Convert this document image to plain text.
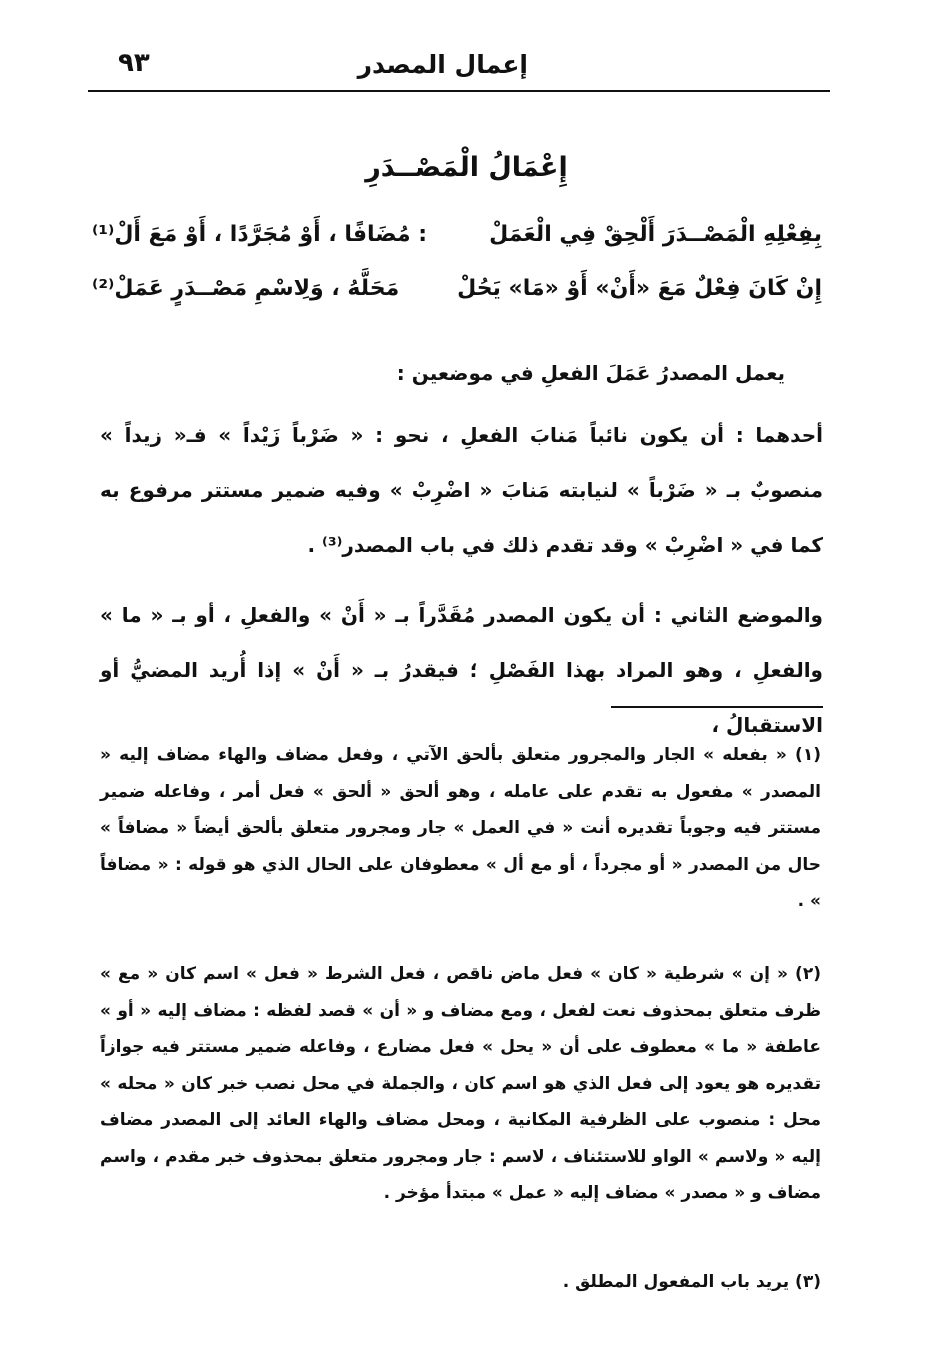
إعمال المصدر
٩٣
إِعْمَالُ الْمَصْــدَرِ
بِفِعْلِهِ الْمَصْــدَرَ أَلْحِقْ فِي الْعَمَلْ
: مُضَافًا ، أَوْ مُجَرَّدًا ، أَوْ مَعَ أَلْ⁽¹⁾
إِنْ كَانَ فِعْلٌ مَعَ «أَنْ» أَوْ «مَا» يَحُلْ
مَحَلَّهُ ، وَلِاسْمِ مَصْــدَرٍ عَمَلْ⁽²⁾
يعمل المصدرُ عَمَلَ الفعلِ في موضعين :
أحدهما : أن يكون نائباً مَنابَ الفعلِ ، نحو : « ضَرْباً زَيْداً » فـ« زيداً » منصوبٌ بـ « ضَرْباً » لنيابته مَنابَ « اضْرِبْ » وفيه ضمير مستتر مرفوع به كما في « اضْرِبْ » وقد تقدم ذلك في باب المصدر⁽³⁾ .
والموضع الثاني : أن يكون المصدر مُقَدَّراً بـ « أَنْ » والفعلِ ، أو بـ « ما » والفعلِ ، وهو المراد بهذا الفَصْلِ ؛ فيقدرُ بـ « أَنْ » إذا أُريد المضيُّ أو الاستقبالُ ،
(١) « بفعله » الجار والمجرور متعلق بألحق الآتي ، وفعل مضاف والهاء مضاف إليه « المصدر » مفعول به تقدم على عامله ، وهو ألحق « ألحق » فعل أمر ، وفاعله ضمير مستتر فيه وجوباً تقديره أنت « في العمل » جار ومجرور متعلق بألحق أيضاً « مضافاً » حال من المصدر « أو مجرداً ، أو مع أل » معطوفان على الحال الذي هو قوله : « مضافاً » .
(٢) « إن » شرطية « كان » فعل ماض ناقص ، فعل الشرط « فعل » اسم كان « مع » ظرف متعلق بمحذوف نعت لفعل ، ومع مضاف و « أن » قصد لفظه : مضاف إليه « أو » عاطفة « ما » معطوف على أن « يحل » فعل مضارع ، وفاعله ضمير مستتر فيه جوازاً تقديره هو يعود إلى فعل الذي هو اسم كان ، والجملة في محل نصب خبر كان « محله » محل : منصوب على الظرفية المكانية ، ومحل مضاف والهاء العائد إلى المصدر مضاف إليه « ولاسم » الواو للاستئناف ، لاسم : جار ومجرور متعلق بمحذوف خبر مقدم ، واسم مضاف و « مصدر » مضاف إليه « عمل » مبتدأ مؤخر .
(٣) يريد باب المفعول المطلق .
